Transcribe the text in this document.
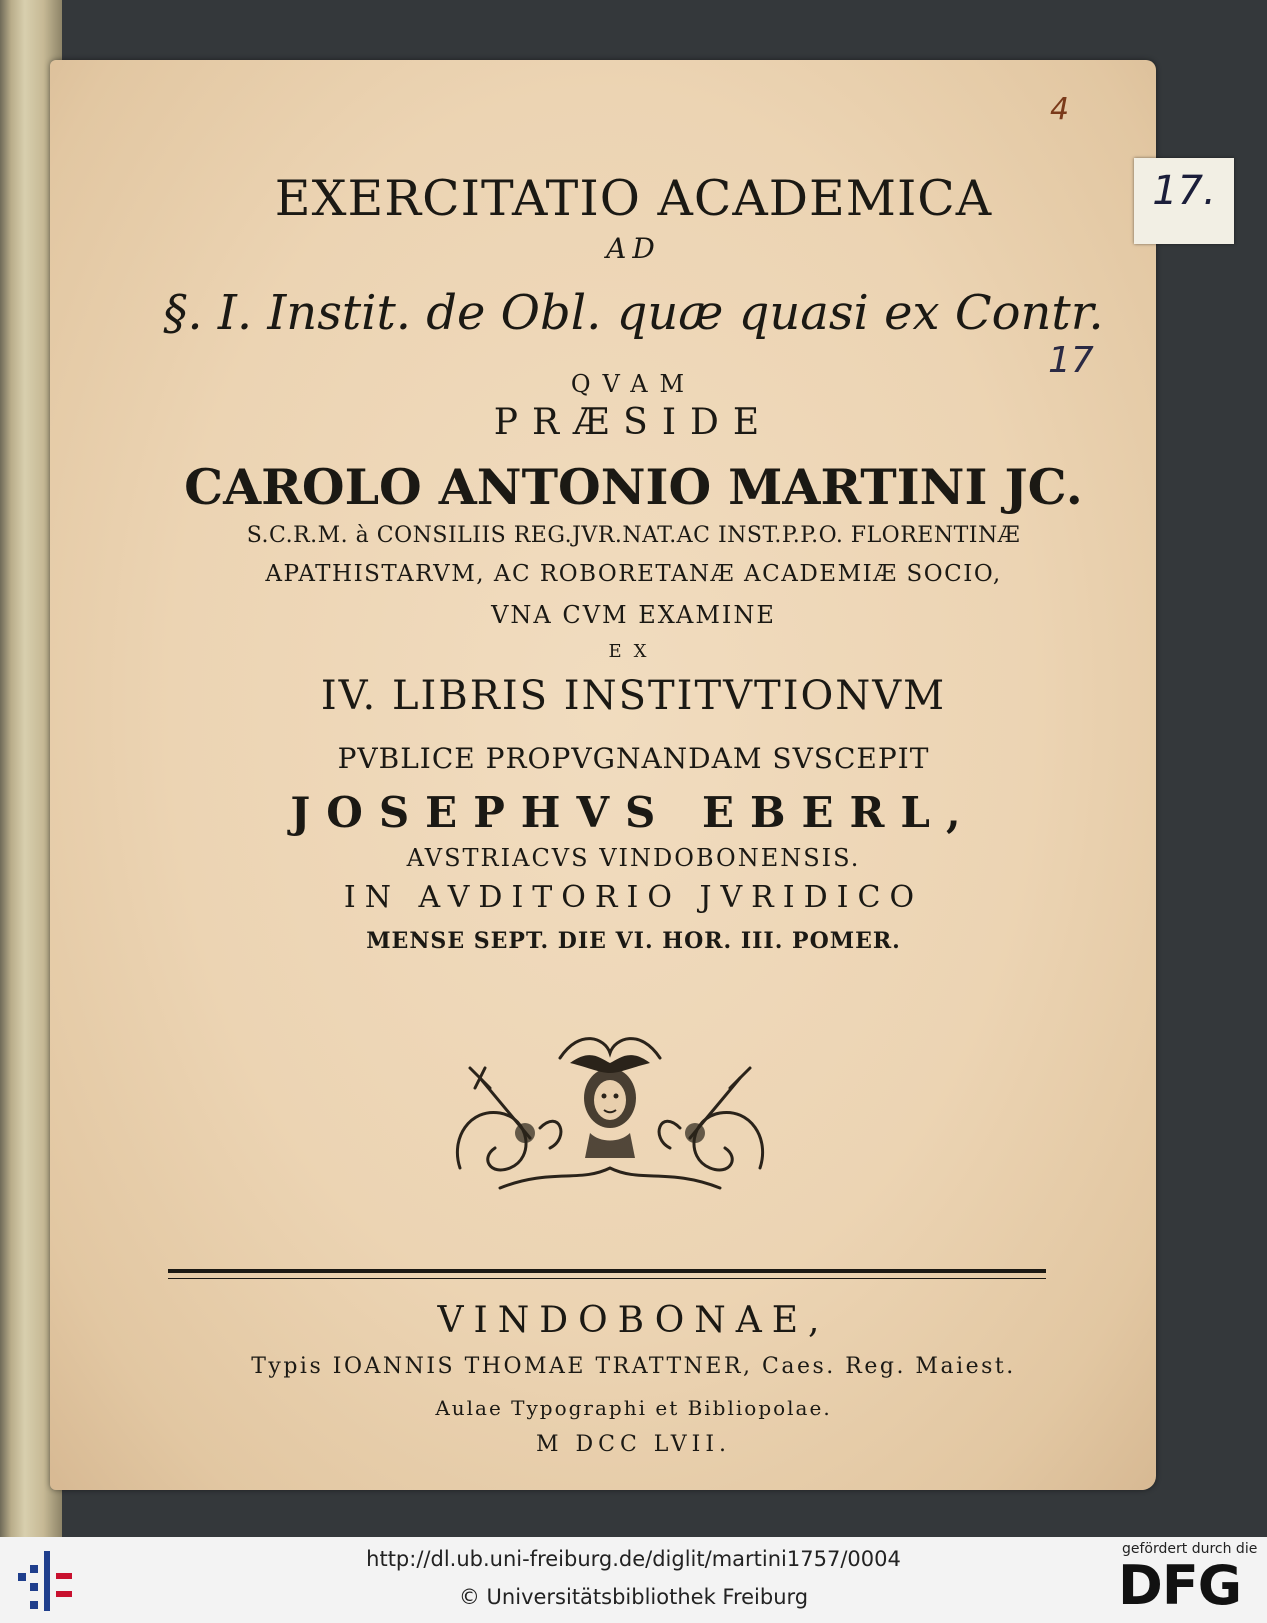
4
17.
17
EXERCITATIO ACADEMICA
AD
§. I. Instit. de Obl. quæ quasi ex Contr.
QVAM
PRÆSIDE
CAROLO ANTONIO MARTINI JC.
S.C.R.M. à CONSILIIS REG.JVR.NAT.AC INST.P.P.O. FLORENTINÆ
APATHISTARVM, AC ROBORETANÆ ACADEMIÆ SOCIO,
VNA CVM EXAMINE
EX
IV. LIBRIS INSTITVTIONVM
PVBLICE PROPVGNANDAM SVSCEPIT
JOSEPHVS EBERL,
AVSTRIACVS VINDOBONENSIS.
IN AVDITORIO JVRIDICO
MENSE SEPT. DIE VI. HOR. III. POMER.
VINDOBONAE,
Typis IOANNIS THOMAE TRATTNER, Caes. Reg. Maiest.
Aulae Typographi et Bibliopolae.
M DCC LVII.
http://dl.ub.uni-freiburg.de/diglit/martini1757/0004
© Universitätsbibliothek Freiburg
gefördert durch die
DFG
